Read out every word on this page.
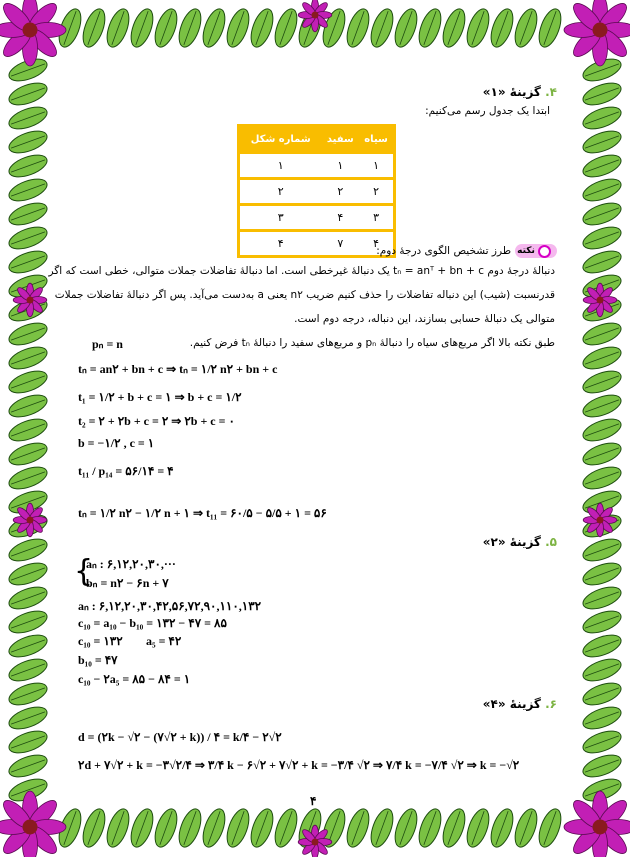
۴. گزینهٔ «۱»
ابتدا یک جدول رسم می‌کنیم:
سیاه	سفید	شماره شکل
۱	۱	۱
۲	۲	۲
۳	۴	۳
۴	۷	۴

نکته
طرز تشخیص الگوی درجهٔ دوم:
دنبالهٔ درجهٔ دوم tₙ = anᵀ + bn + c یک دنبالهٔ غیرخطی است. اما دنبالهٔ تفاضلات جملات متوالی، خطی است که اگر
قدرنسبت (شیب) این دنباله تفاضلات را حذف کنیم ضریب n۲ یعنی a به‌دست می‌آید. پس اگر دنبالهٔ تفاضلات جملات
متوالی یک دنبالهٔ حسابی بسازند، این دنباله، درجه دوم است.
طبق نکته بالا اگر مربع‌های سیاه را دنبالهٔ pₙ و مربع‌های سفید را دنبالهٔ tₙ فرض کنیم.
pₙ = n
tₙ = an۲ + bn + c ⇒ tₙ = ۱/۲ n۲ + bn + c
t₁ = ۱/۲ + b + c = ۱ ⇒ b + c = ۱/۲
t₂ = ۲ + ۲b + c = ۲ ⇒ ۲b + c = ۰
b = −۱/۲ , c = ۱
t₁₁ / p₁₄ = ۵۶/۱۴ = ۴
tₙ = ۱/۲ n۲ − ۱/۲ n + ۱ ⇒ t₁₁ = ۶۰/۵ − ۵/۵ + ۱ = ۵۶
۵. گزینهٔ «۲»
{
aₙ : ۶,۱۲,۲۰,۳۰,···
bₙ = n۲ − ۶n + ۷
aₙ : ۶,۱۲,۲۰,۳۰,۴۲,۵۶,۷۲,۹۰,۱۱۰,۱۳۲
c₁₀ = a₁₀ − b₁₀ = ۱۳۲ − ۴۷ = ۸۵
c₁₀ = ۱۳۲ a₅ = ۴۲
b₁₀ = ۴۷
c₁₀ − ۲a₅ = ۸۵ − ۸۴ = ۱
۶. گزینهٔ «۴»
d = (۲k − √۲ − (۷√۲ + k)) / ۴ = k/۴ − ۲√۲
۲d + ۷√۲ + k = −۳√۲/۴ ⇒ ۳/۴ k − ۶√۲ + ۷√۲ + k = −۳/۴ √۲ ⇒ ۷/۴ k = −۷/۴ √۲ ⇒ k = −√۲
۴
